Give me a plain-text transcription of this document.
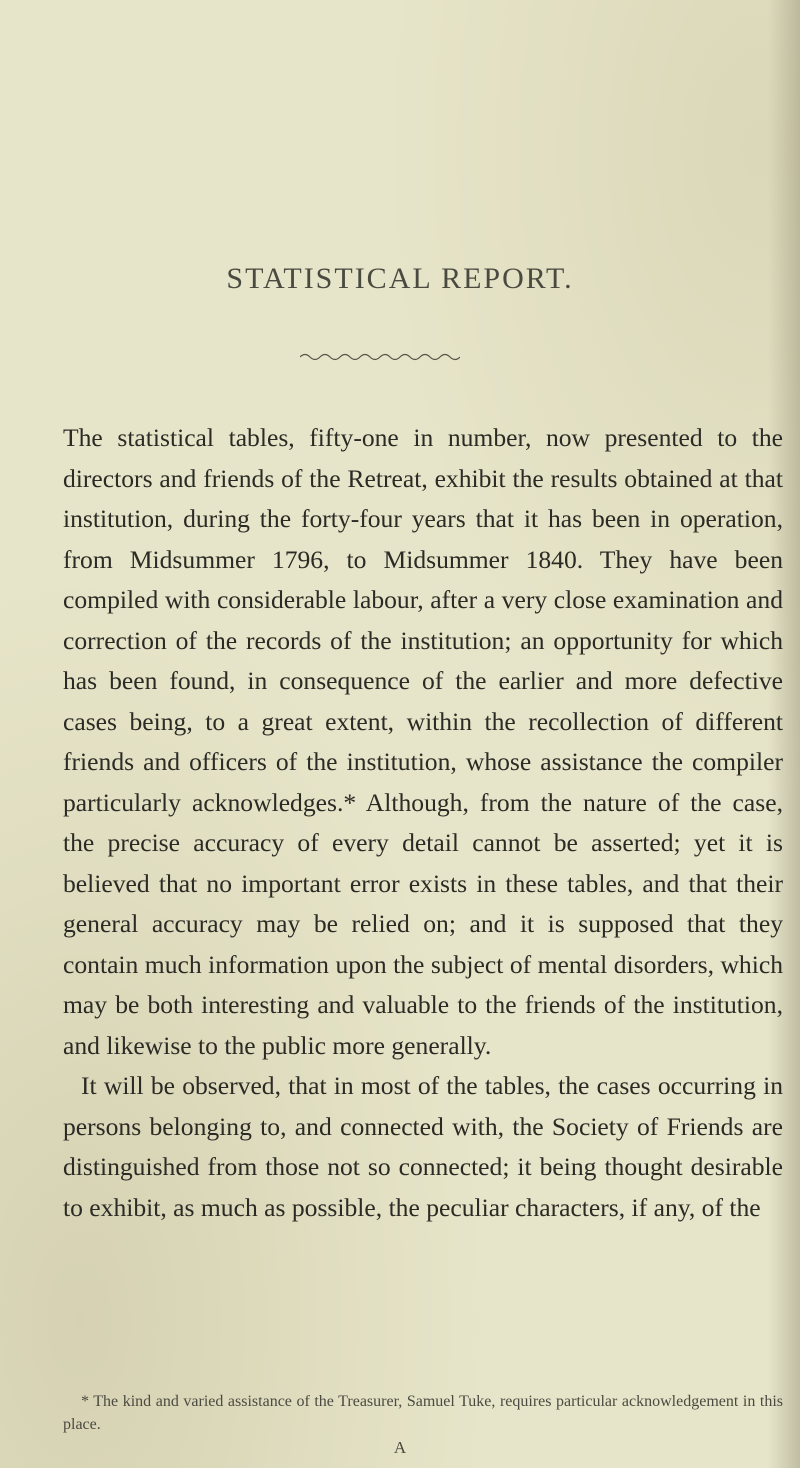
STATISTICAL REPORT.

The statistical tables, fifty-one in number, now presented to the directors and friends of the Retreat, exhibit the results obtained at that institution, during the forty-four years that it has been in operation, from Midsummer 1796, to Midsummer 1840. They have been compiled with considerable labour, after a very close examination and correction of the records of the institution; an opportunity for which has been found, in consequence of the earlier and more defective cases being, to a great extent, within the recollection of different friends and officers of the institution, whose assistance the compiler particularly acknowledges.* Although, from the nature of the case, the precise accuracy of every detail cannot be asserted; yet it is believed that no important error exists in these tables, and that their general accuracy may be relied on; and it is supposed that they contain much information upon the subject of mental disorders, which may be both interesting and valuable to the friends of the institution, and likewise to the public more generally.

It will be observed, that in most of the tables, the cases occurring in persons belonging to, and connected with, the Society of Friends are distinguished from those not so connected; it being thought desirable to exhibit, as much as possible, the peculiar characters, if any, of the

* The kind and varied assistance of the Treasurer, Samuel Tuke, requires particular acknowledgement in this place.

A
